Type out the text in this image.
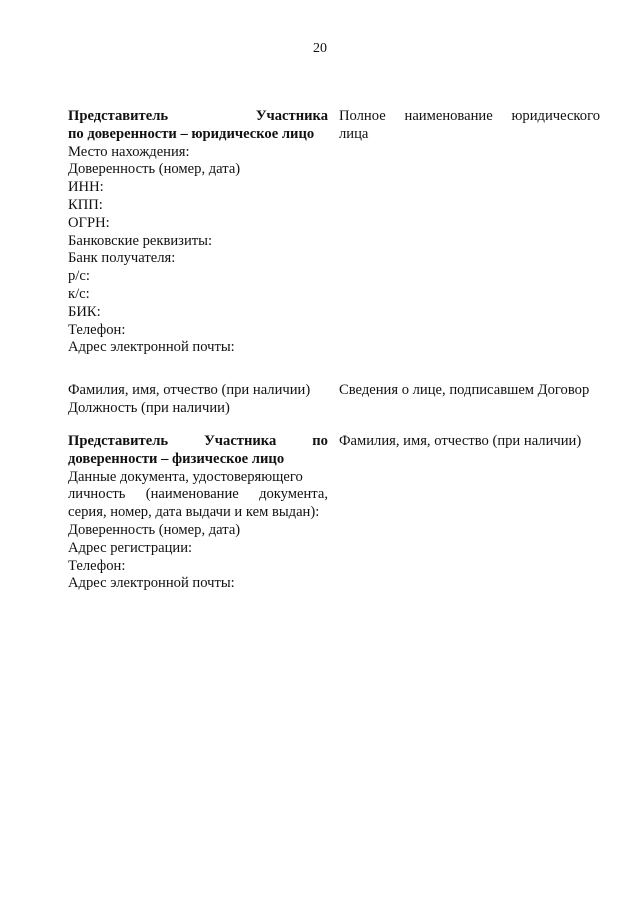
20
Представитель	Участника
по доверенности – юридическое лицо
Место нахождения:
Доверенность (номер, дата)
ИНН:
КПП:
ОГРН:
Банковские реквизиты:
Банк получателя:
р/с:
к/с:
БИК:
Телефон:
Адрес электронной почты:
Полное наименование юридического
лица
Фамилия, имя, отчество (при наличии)
Должность (при наличии)
Сведения о лице, подписавшем Договор
Представитель Участника по
доверенности – физическое лицо
Данные документа, удостоверяющего
личность (наименование документа,
серия, номер, дата выдачи и кем выдан):
Доверенность (номер, дата)
Адрес регистрации:
Телефон:
Адрес электронной почты:
Фамилия, имя, отчество (при наличии)
